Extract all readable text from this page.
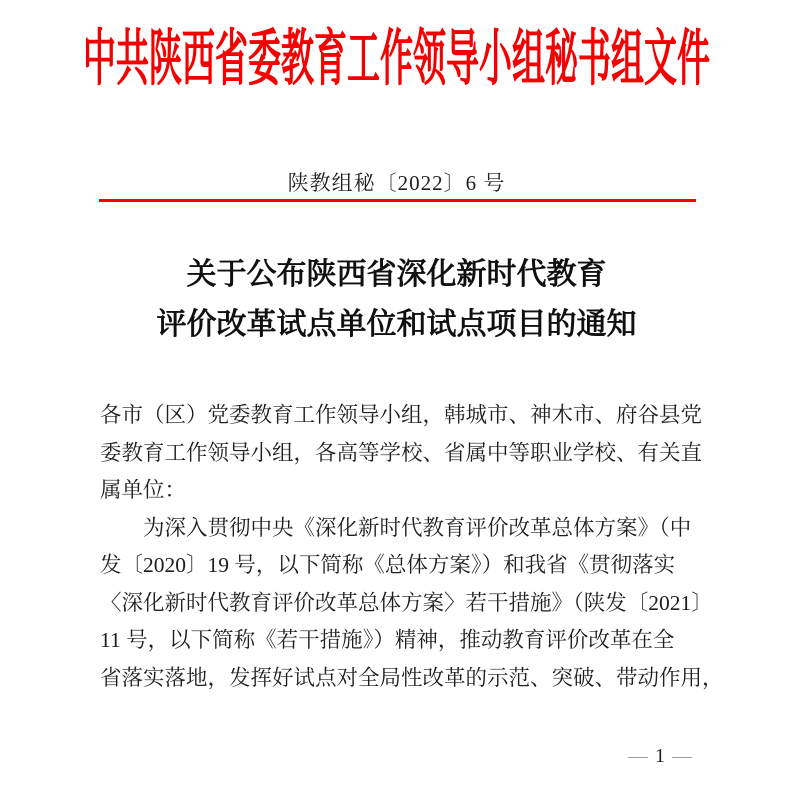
中共陕西省委教育工作领导小组秘书组文件
陕教组秘〔2022〕6 号
关于公布陕西省深化新时代教育
评价改革试点单位和试点项目的通知
各市（区）党委教育工作领导小组，韩城市、神木市、府谷县党
委教育工作领导小组，各高等学校、省属中等职业学校、有关直
属单位：
为深入贯彻中央《深化新时代教育评价改革总体方案》（中
发〔2020〕19 号，以下简称《总体方案》）和我省《贯彻落实
〈深化新时代教育评价改革总体方案〉若干措施》（陕发〔2021〕
11 号，以下简称《若干措施》）精神，推动教育评价改革在全
省落实落地，发挥好试点对全局性改革的示范、突破、带动作用，
— 1 —
